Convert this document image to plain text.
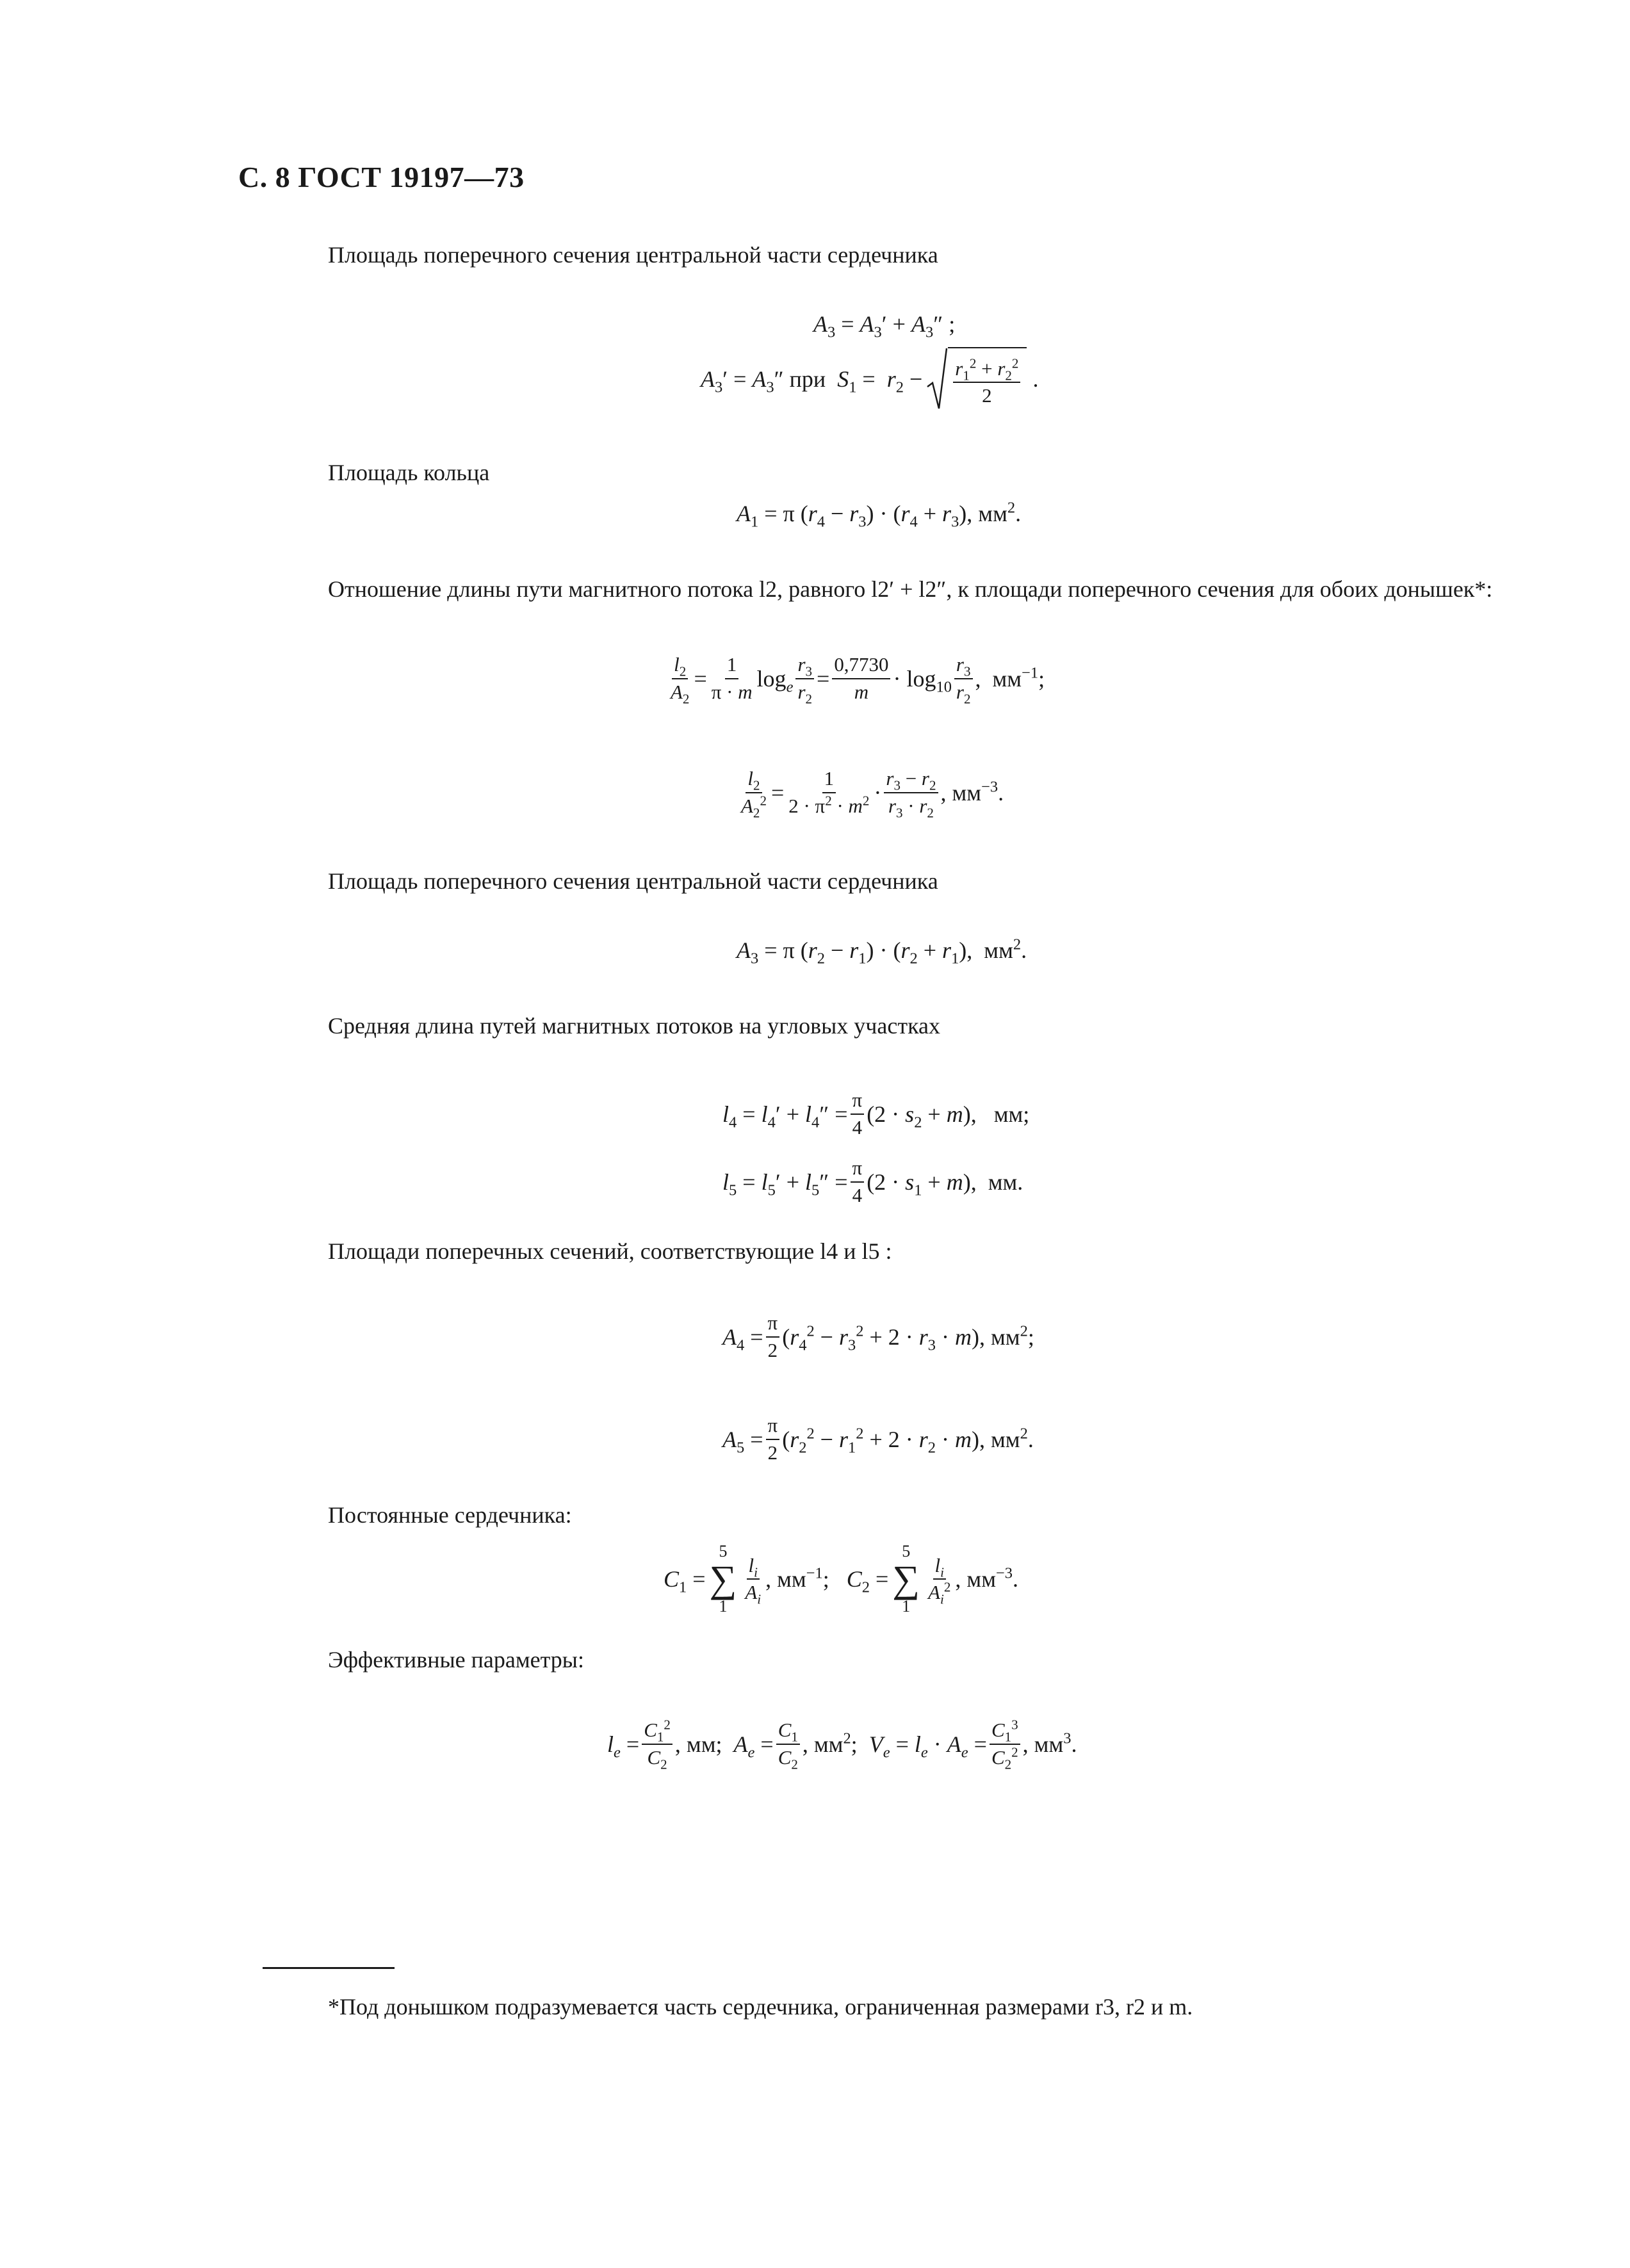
С. 8 ГОСТ 19197—73
Площадь поперечного сечения центральной части сердечника
$A_3 = A_3' + A_3''$ ;
$A_3' = A_3''$ при  $S_1 = r_2 - r_1^2 + r_2^2$
2
.
Площадь кольца
$A_1 = \pi$ $(r_4 - r_3) \cdot (r_4 + r_3)$, $мм^2$.
Отношение длины пути магнитного потока l2, равного l2′ + l2″, к площади поперечного сечения для обоих донышек*:
$\frac{l_2}{A_2} = \frac{1}{\pi \cdot m} \log_e \frac{r_3}{r_2} = \frac{0,7730}{m} \cdot \log_{10}$
$r_3$
$r_2$
,  $мм^{-1}$;
$\frac{l_2}{A_2^2} = \frac{1}{2 \cdot \pi^2 \cdot m^2}$ ·
$r_3 - r_2$
$r_3 \cdot r_2$
, $мм^{-3}$.
Площадь поперечного сечения центральной части сердечника
$A_3 = \pi$ $(r_2 - r_1) \cdot (r_2 + r_1)$,  $мм^2$.
Средняя длина путей магнитных потоков на угловых участках
$l_4 = l_4' + l_4'' = \frac{\pi}{4} (2 \cdot s_2 + m)$,   мм;
$l_5 = l_5' + l_5'' = \frac{\pi}{4} (2 \cdot s_1 + m)$,  мм.
Площади поперечных сечений, соответствующие l4 и l5 :
$A_4 = \frac{\pi}{2} (r_4^2 - r_3^2 + 2 \cdot r_3 \cdot m)$, $мм^2$;
$A_5 = \frac{\pi}{2} (r_2^2 - r_1^2 + 2 \cdot r_2 \cdot m)$, $мм^2$.
Постоянные сердечника:
$C_1$ =
5
∑
1
$l_i$
$A_i$
, $мм^{-1}$;   $C_2$ =
5
∑
1
$l_i$
$A_i^2$ , $мм^{-3}$.
Эффективные параметры:
$l_e = \frac{C_1^2}{C_2}$ , мм;  $A_e = \frac{C_1}{C_2}$ , $мм^2$;  $V_e = l_e \cdot A_e = \frac{C_1^3}{C_2^2}$ , $мм^3$.
*Под донышком подразумевается часть сердечника, ограниченная размерами r3, r2 и m.
